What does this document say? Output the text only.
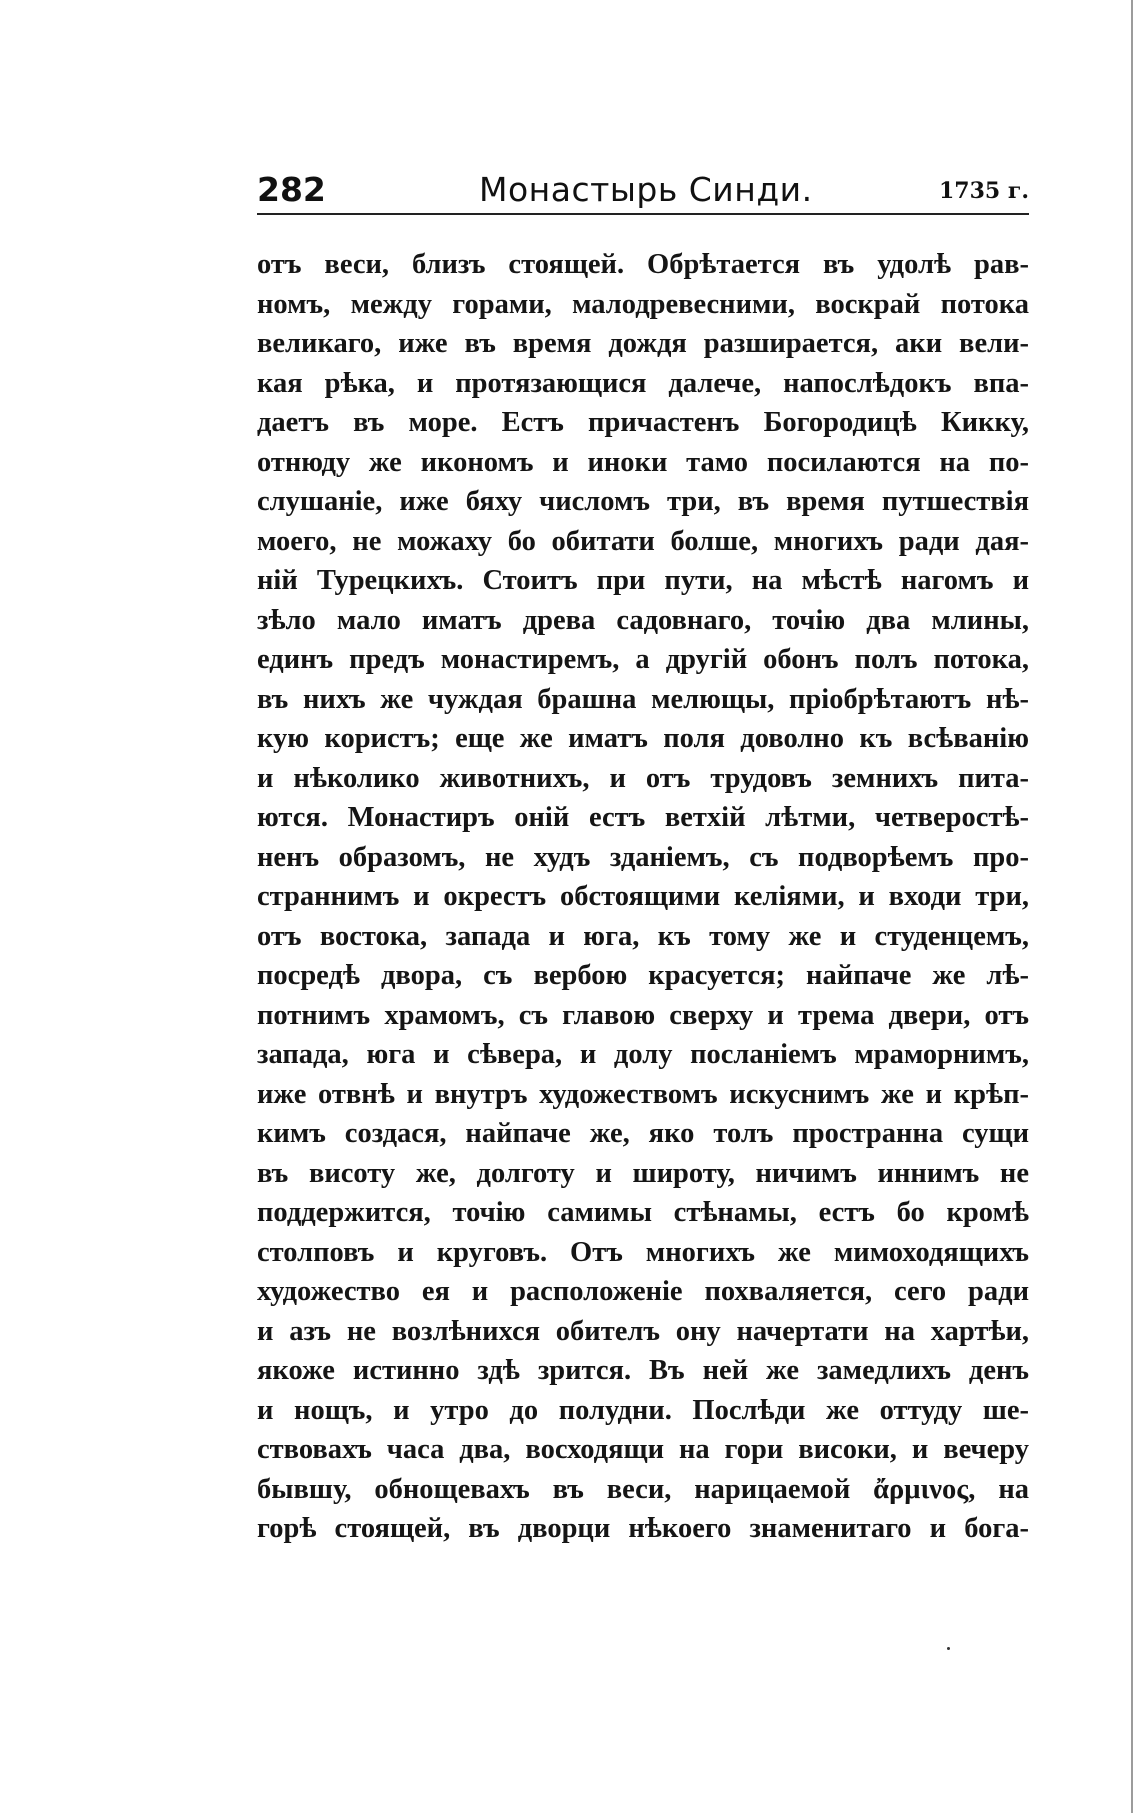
282	Монастырь Синди.	1735 г.
отъ веси, близъ стоящей. Обрѣтается въ удолѣ рав-
номъ, между горами, малодревесними, воскрай потока
великаго, иже въ время дождя разширается, аки вели-
кая рѣка, и протязающися далече, напослѣдокъ впа-
даетъ въ море. Естъ причастенъ Богородицѣ Кикку,
отнюду же икономъ и иноки тамо посилаются на по-
слушаніе, иже бяху числомъ три, въ время путшествія
моего, не можаху бо обитати болше, многихъ ради дая-
ній Турецкихъ. Стоитъ при пути, на мѣстѣ нагомъ и
зѣло мало иматъ древа садовнаго, точію два млины,
единъ предъ монастиремъ, а другій обонъ полъ потока,
въ нихъ же чуждая брашна мелющы, пріобрѣтаютъ нѣ-
кую користъ; еще же иматъ поля доволно къ всѣванію
и нѣколико животнихъ, и отъ трудовъ земнихъ пита-
ются. Монастиръ оній естъ ветхій лѣтми, четверостѣ-
ненъ образомъ, не худъ зданіемъ, съ подворѣемъ про-
страннимъ и окрестъ обстоящими келіями, и входи три,
отъ востока, запада и юга, къ тому же и студенцемъ,
посредѣ двора, съ вербою красуется; найпаче же лѣ-
потнимъ храмомъ, съ главою сверху и трема двери, отъ
запада, юга и сѣвера, и долу посланіемъ мраморнимъ,
иже отвнѣ и внутръ художествомъ искуснимъ же и крѣп-
кимъ создася, найпаче же, яко толъ пространна сущи
въ висоту же, долготу и широту, ничимъ иннимъ не
поддержится, точію самимы стѣнамы, естъ бо кромѣ
столповъ и круговъ. Отъ многихъ же мимоходящихъ
художество ея и расположеніе похваляется, сего ради
и азъ не возлѣнихся обителъ ону начертати на хартѣи,
якоже истинно здѣ зрится. Въ ней же замедлихъ денъ
и нощъ, и утро до полудни. Послѣди же оттуду ше-
ствовахъ часа два, восходящи на гори високи, и вечеру
бывшу, обнощевахъ въ веси, нарицаемой ἄρμινος, на
горѣ стоящей, въ дворци нѣкоего знаменитаго и бога-
